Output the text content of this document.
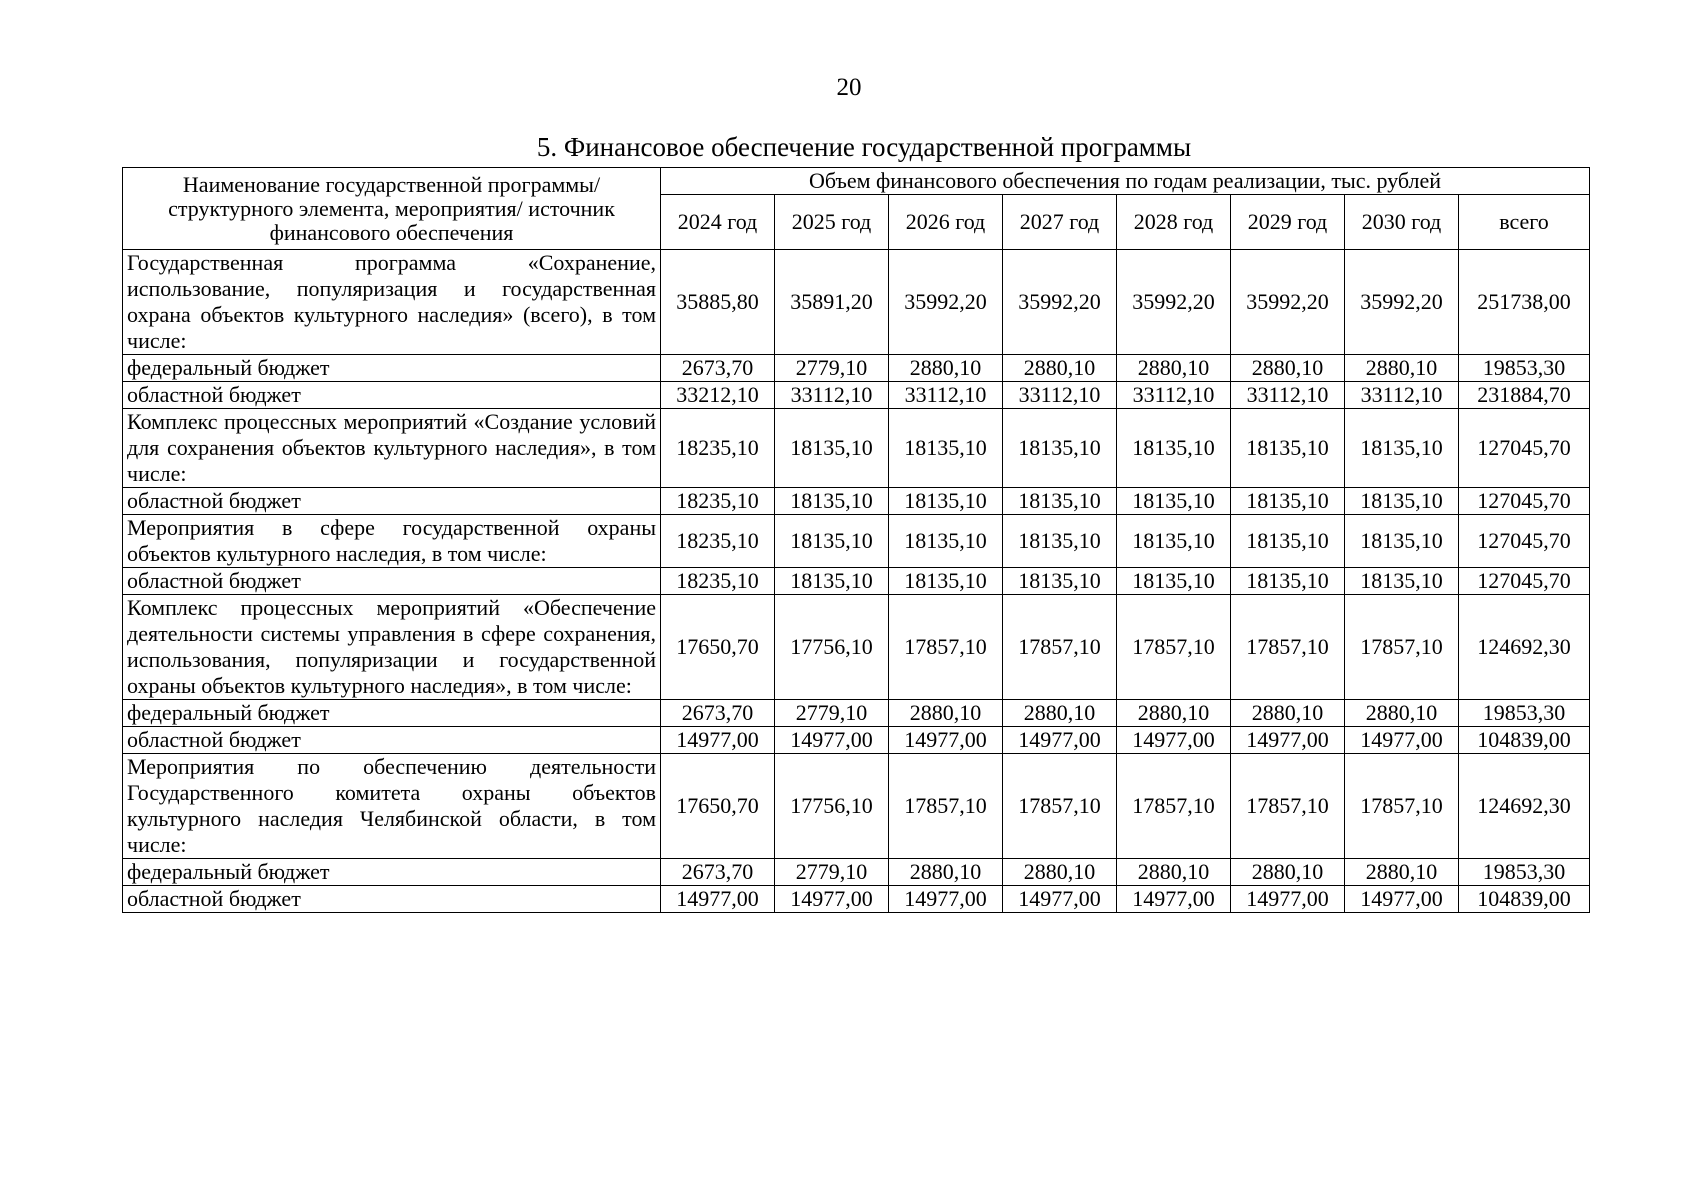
20
5. Финансовое обеспечение государственной программы
Наименование государственной программы/ структурного элемента, мероприятия/ источник финансового обеспечения	Объем финансового обеспечения по годам реализации, тыс. рублей							
	2024 год	2025 год	2026 год	2027 год	2028 год	2029 год	2030 год	всего
Государственная программа «Сохранение, использование, популяризация и государственная охрана объектов культурного наследия» (всего), в том числе:	35885,80	35891,20	35992,20	35992,20	35992,20	35992,20	35992,20	251738,00
федеральный бюджет	2673,70	2779,10	2880,10	2880,10	2880,10	2880,10	2880,10	19853,30
областной бюджет	33212,10	33112,10	33112,10	33112,10	33112,10	33112,10	33112,10	231884,70
Комплекс процессных мероприятий «Создание условий для сохранения объектов культурного наследия», в том числе:	18235,10	18135,10	18135,10	18135,10	18135,10	18135,10	18135,10	127045,70
областной бюджет	18235,10	18135,10	18135,10	18135,10	18135,10	18135,10	18135,10	127045,70
Мероприятия в сфере государственной охраны объектов культурного наследия, в том числе:	18235,10	18135,10	18135,10	18135,10	18135,10	18135,10	18135,10	127045,70
областной бюджет	18235,10	18135,10	18135,10	18135,10	18135,10	18135,10	18135,10	127045,70
Комплекс процессных мероприятий «Обеспечение деятельности системы управления в сфере сохранения, использования, популяризации и государственной охраны объектов культурного наследия», в том числе:	17650,70	17756,10	17857,10	17857,10	17857,10	17857,10	17857,10	124692,30
федеральный бюджет	2673,70	2779,10	2880,10	2880,10	2880,10	2880,10	2880,10	19853,30
областной бюджет	14977,00	14977,00	14977,00	14977,00	14977,00	14977,00	14977,00	104839,00
Мероприятия по обеспечению деятельности Государственного комитета охраны объектов культурного наследия Челябинской области, в том числе:	17650,70	17756,10	17857,10	17857,10	17857,10	17857,10	17857,10	124692,30
федеральный бюджет	2673,70	2779,10	2880,10	2880,10	2880,10	2880,10	2880,10	19853,30
областной бюджет	14977,00	14977,00	14977,00	14977,00	14977,00	14977,00	14977,00	104839,00
